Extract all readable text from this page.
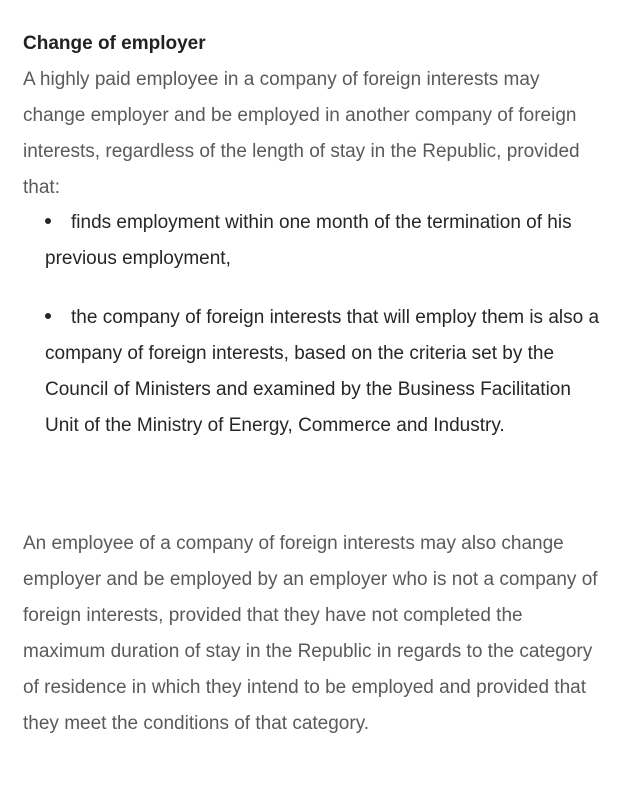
Change of employer

A highly paid employee in a company of foreign interests may change employer and be employed in another company of foreign interests, regardless of the length of stay in the Republic, provided that:

finds employment within one month of the termination of his previous employment,
the company of foreign interests that will employ them is also a company of foreign interests, based on the criteria set by the Council of Ministers and examined by the Business Facilitation Unit of the Ministry of Energy, Commerce and Industry.

An employee of a company of foreign interests may also change employer and be employed by an employer who is not a company of foreign interests, provided that they have not completed the maximum duration of stay in the Republic in regards to the category of residence in which they intend to be employed and provided that they meet the conditions of that category.
